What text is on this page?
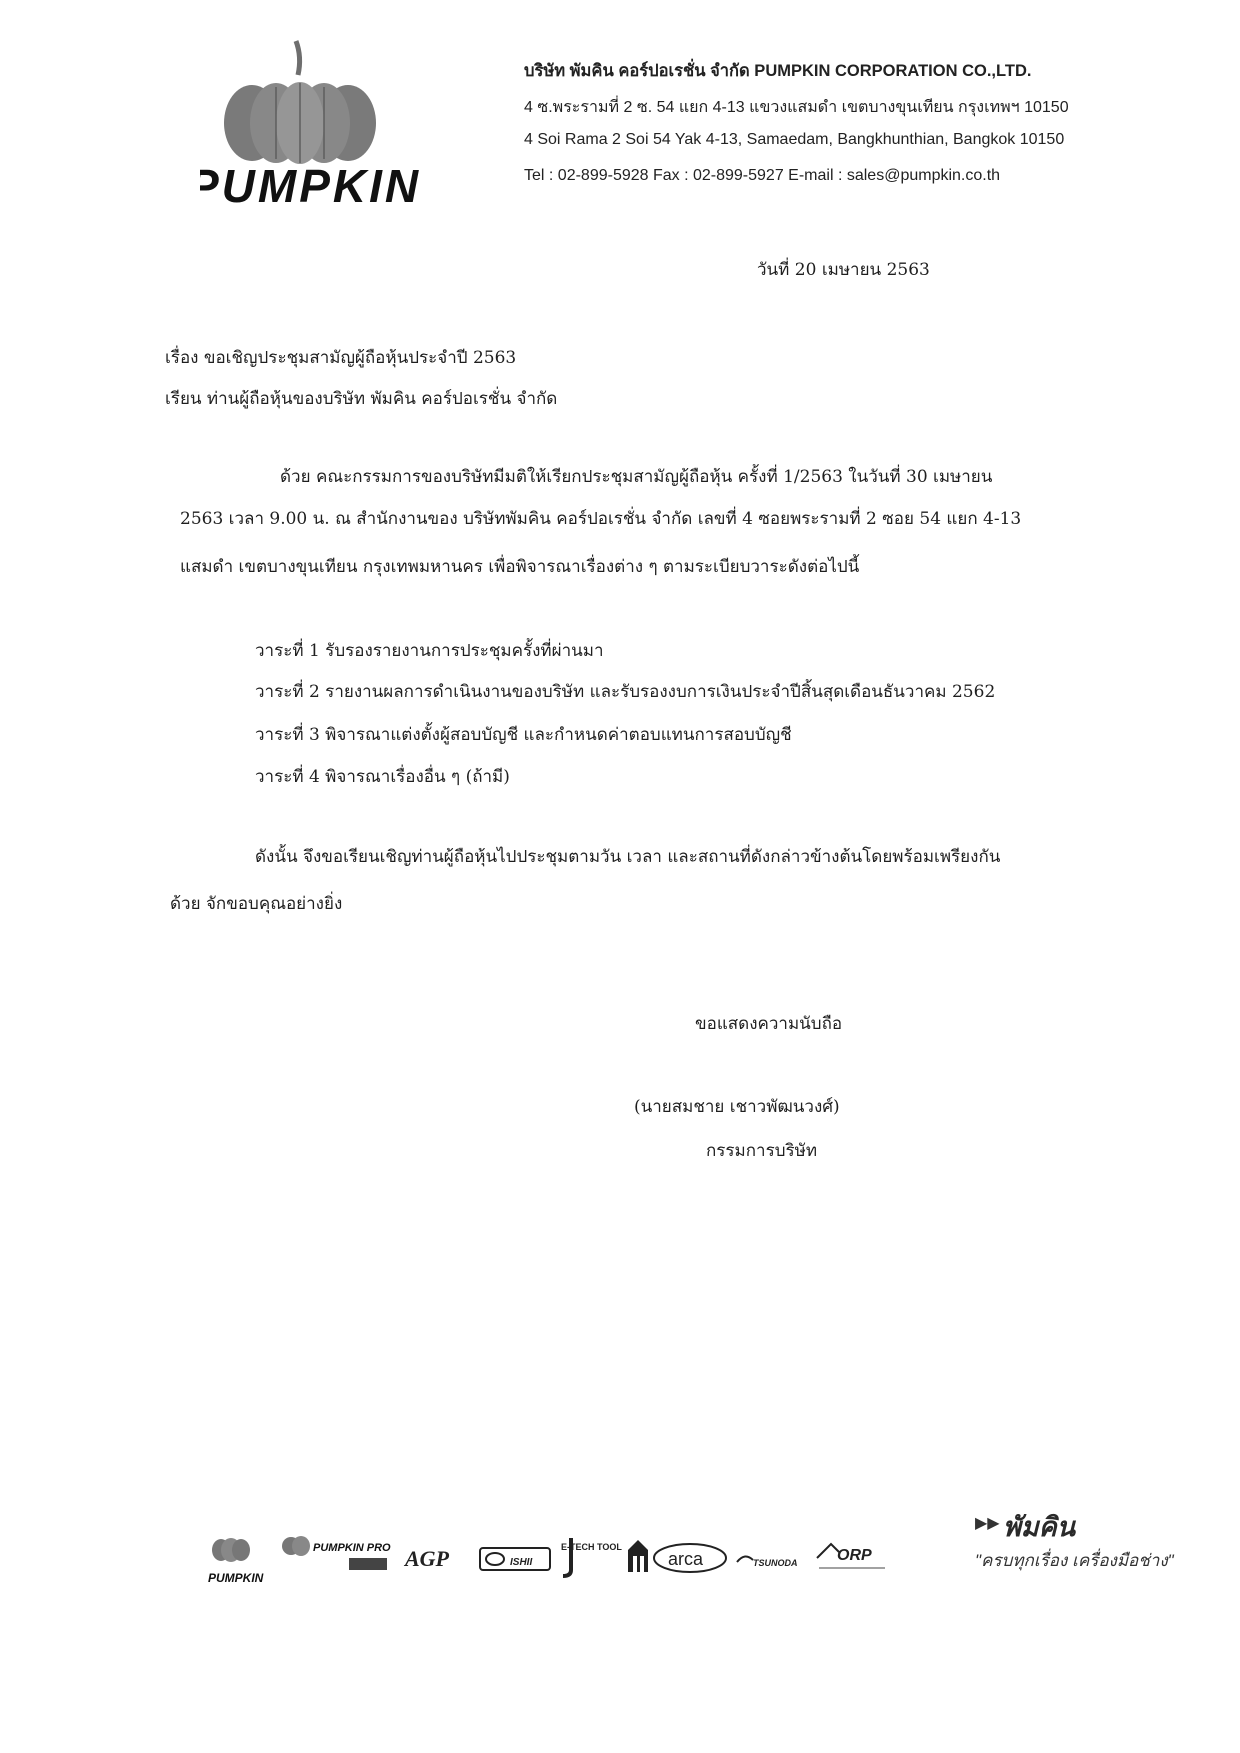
PUMPKIN
บริษัท พัมคิน คอร์ปอเรชั่น จำกัด PUMPKIN CORPORATION CO.,LTD.
4 ซ.พระรามที่ 2 ซ. 54 แยก 4-13 แขวงแสมดำ เขตบางขุนเทียน กรุงเทพฯ 10150
4 Soi Rama 2 Soi 54 Yak 4-13, Samaedam, Bangkhunthian, Bangkok 10150
Tel : 02-899-5928 Fax : 02-899-5927 E-mail : sales@pumpkin.co.th
วันที่ 20 เมษายน 2563
เรื่อง ขอเชิญประชุมสามัญผู้ถือหุ้นประจำปี 2563
เรียน ท่านผู้ถือหุ้นของบริษัท พัมคิน คอร์ปอเรชั่น จำกัด
ด้วย คณะกรรมการของบริษัทมีมติให้เรียกประชุมสามัญผู้ถือหุ้น ครั้งที่ 1/2563 ในวันที่ 30 เมษายน
2563 เวลา 9.00 น. ณ สำนักงานของ บริษัทพัมคิน คอร์ปอเรชั่น จำกัด เลขที่ 4 ซอยพระรามที่ 2 ซอย 54 แยก 4-13
แสมดำ เขตบางขุนเทียน กรุงเทพมหานคร เพื่อพิจารณาเรื่องต่าง ๆ ตามระเบียบวาระดังต่อไปนี้
วาระที่ 1 รับรองรายงานการประชุมครั้งที่ผ่านมา
วาระที่ 2 รายงานผลการดำเนินงานของบริษัท และรับรองงบการเงินประจำปีสิ้นสุดเดือนธันวาคม 2562
วาระที่ 3 พิจารณาแต่งตั้งผู้สอบบัญชี และกำหนดค่าตอบแทนการสอบบัญชี
วาระที่ 4 พิจารณาเรื่องอื่น ๆ (ถ้ามี)
ดังนั้น จึงขอเรียนเชิญท่านผู้ถือหุ้นไปประชุมตามวัน เวลา และสถานที่ดังกล่าวข้างต้นโดยพร้อมเพรียงกัน
ด้วย จักขอบคุณอย่างยิ่ง
ขอแสดงความนับถือ
(นายสมชาย เชาวพัฒนวงศ์)
กรรมการบริษัท
PUMPKIN
PUMPKIN PRO AGP	ISHII
E-TECH TOOL
arca	TSUNODA ORP
▶▶ พัมคิน
"ครบทุกเรื่อง เครื่องมือช่าง"
